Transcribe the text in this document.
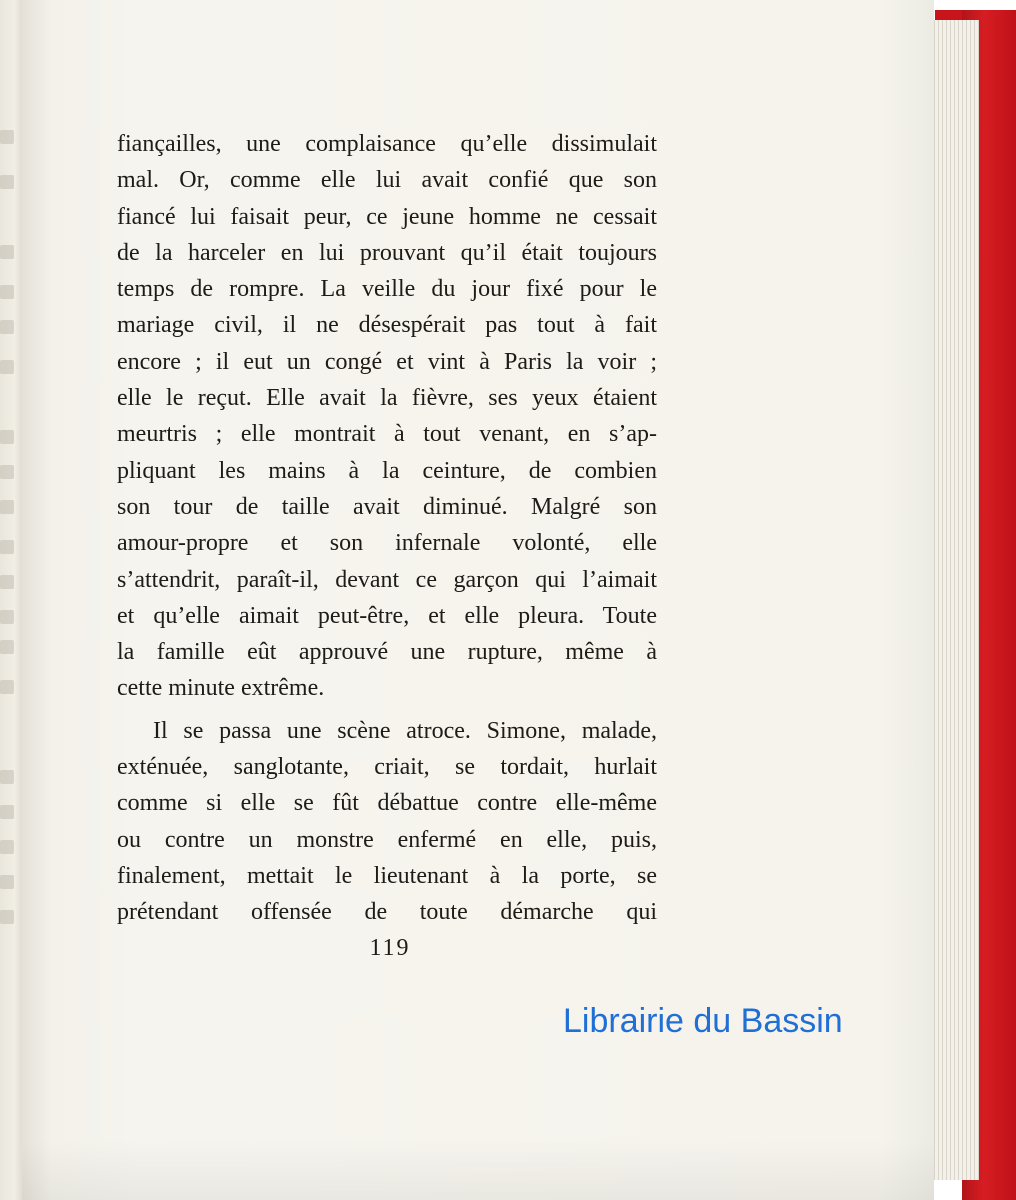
fiançailles, une complaisance qu’elle dissimulait
mal. Or, comme elle lui avait confié que son
fiancé lui faisait peur, ce jeune homme ne cessait
de la harceler en lui prouvant qu’il était toujours
temps de rompre. La veille du jour fixé pour le
mariage civil, il ne désespérait pas tout à fait
encore ; il eut un congé et vint à Paris la voir ;
elle le reçut. Elle avait la fièvre, ses yeux étaient
meurtris ; elle montrait à tout venant, en s’ap-
pliquant les mains à la ceinture, de combien
son tour de taille avait diminué. Malgré son
amour-propre et son infernale volonté, elle
s’attendrit, paraît-il, devant ce garçon qui l’aimait
et qu’elle aimait peut-être, et elle pleura. Toute
la famille eût approuvé une rupture, même à
cette minute extrême.
Il se passa une scène atroce. Simone, malade,
exténuée, sanglotante, criait, se tordait, hurlait
comme si elle se fût débattue contre elle-même
ou contre un monstre enfermé en elle, puis,
finalement, mettait le lieutenant à la porte, se
prétendant offensée de toute démarche qui
119
Librairie du Bassin
